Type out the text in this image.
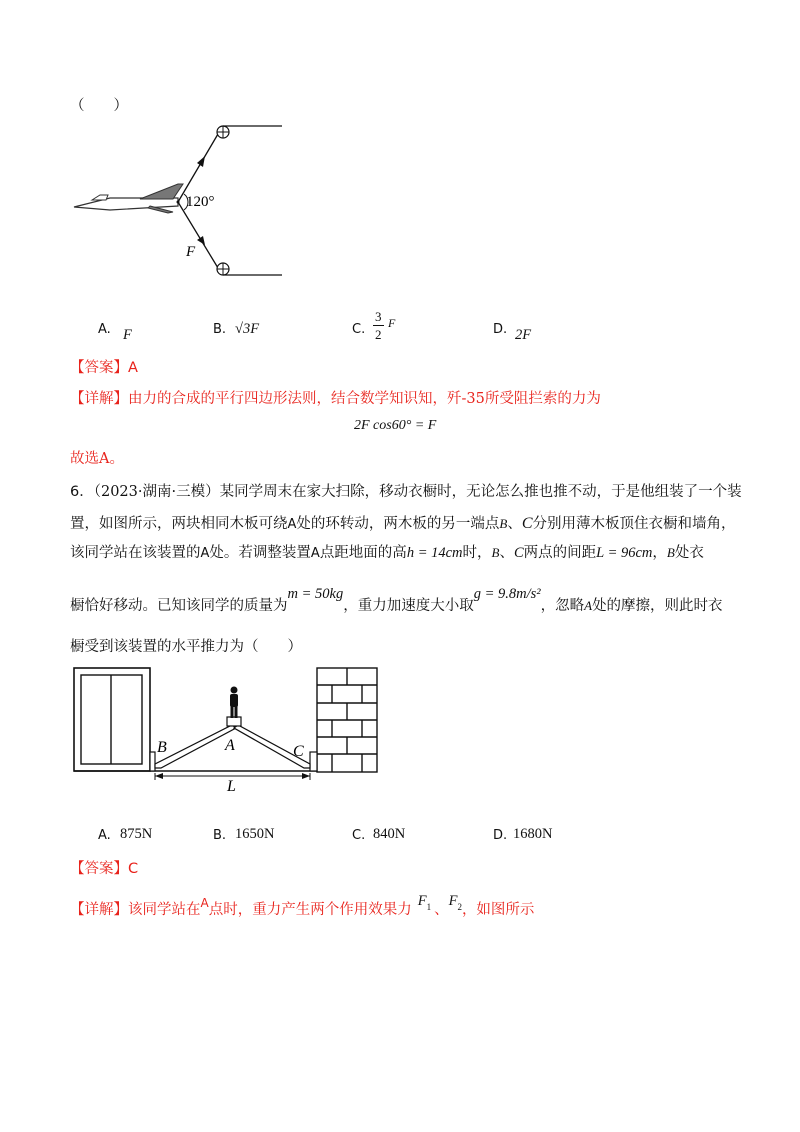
（　　）
120°
F
A. F	B. √3F	C.
3
2
F	D. 2F
【答案】A
【详解】由力的合成的平行四边形法则，结合数学知识知，歼-35所受阻拦索的力为
2F cos60° = F
故选A。
6．（2023·湖南·三模）某同学周末在家大扫除，移动衣橱时，无论怎么推也推不动，于是他组装了一个装
置，如图所示，两块相同木板可绕A处的环转动，两木板的另一端点B、C分别用薄木板顶住衣橱和墙角，
该同学站在该装置的A处。若调整装置A点距地面的高h = 14cm时，B、C两点的间距L = 96cm，B处衣
橱恰好移动。已知该同学的质量为m = 50kg，重力加速度大小取g = 9.8m/s²，忽略A处的摩擦，则此时衣
橱受到该装置的水平推力为（　　）
B	A	C
L
A. 875N	B. 1650N	C. 840N	D. 1680N
【答案】C
【详解】该同学站在$^A$点时，重力产生两个作用效果力$F_1$ 、$F_2$，如图所示
